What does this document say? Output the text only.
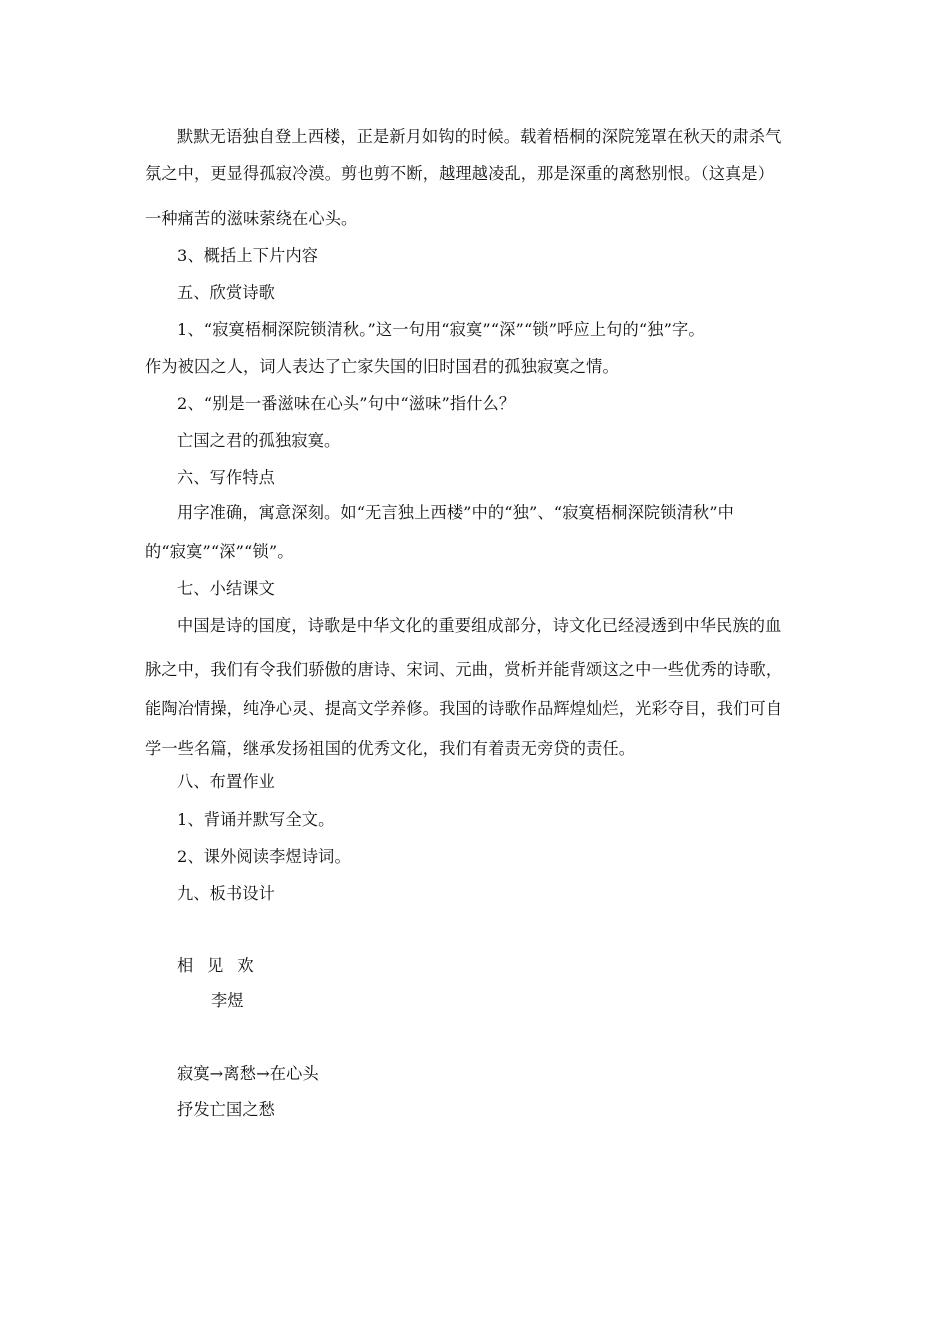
默默无语独自登上西楼，正是新月如钩的时候。载着梧桐的深院笼罩在秋天的肃杀气
氛之中，更显得孤寂冷漠。剪也剪不断，越理越凌乱，那是深重的离愁别恨。（这真是）
一种痛苦的滋味萦绕在心头。
3、概括上下片内容
五、欣赏诗歌
1、“寂寞梧桐深院锁清秋。”这一句用“寂寞”“深”“锁”呼应上句的“独”字。
作为被囚之人，词人表达了亡家失国的旧时国君的孤独寂寞之情。
2、“别是一番滋味在心头”句中“滋味”指什么？
亡国之君的孤独寂寞。
六、写作特点
用字准确，寓意深刻。如“无言独上西楼”中的“独”、“寂寞梧桐深院锁清秋”中
的“寂寞”“深”“锁”。
七、小结课文
中国是诗的国度，诗歌是中华文化的重要组成部分，诗文化已经浸透到中华民族的血
脉之中，我们有令我们骄傲的唐诗、宋词、元曲，赏析并能背颂这之中一些优秀的诗歌，
能陶冶情操，纯净心灵、提高文学养修。我国的诗歌作品辉煌灿烂，光彩夺目，我们可自
学一些名篇，继承发扬祖国的优秀文化，我们有着责无旁贷的责任。
八、布置作业
1、背诵并默写全文。
2、课外阅读李煜诗词。
九、板书设计
相见欢
李煜
寂寞→离愁→在心头
抒发亡国之愁
